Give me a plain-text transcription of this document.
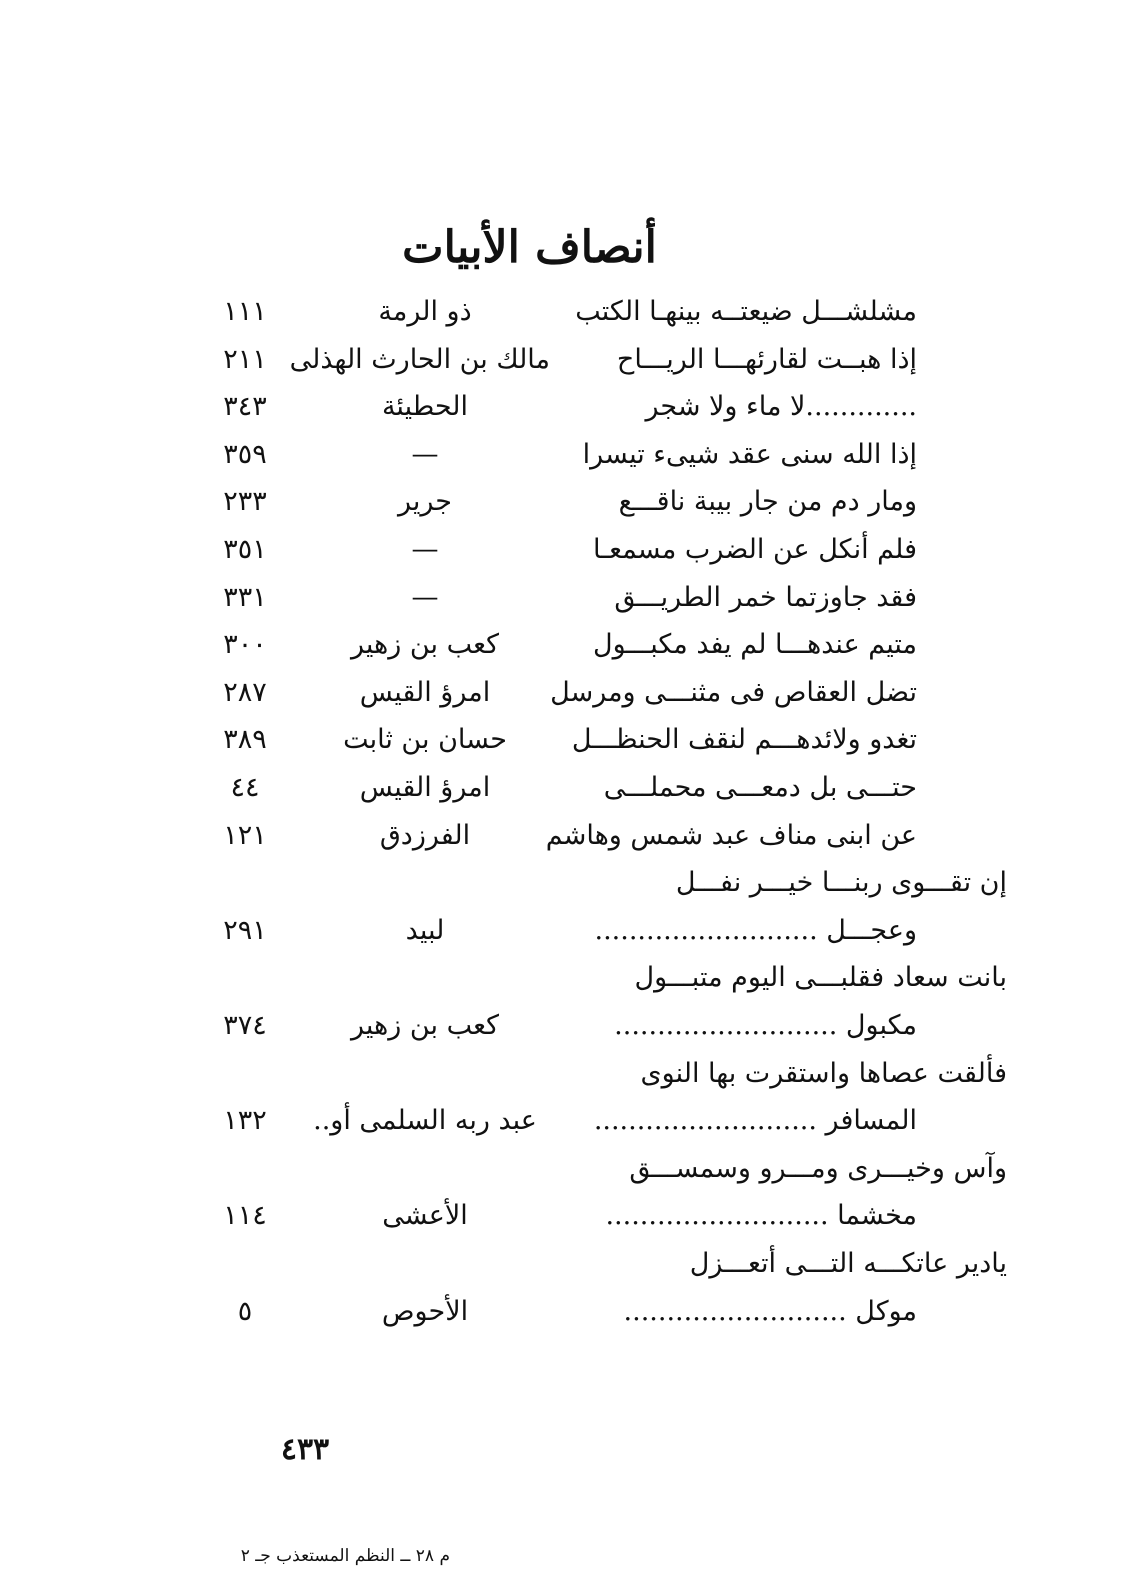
أنصاف الأبيات
مشلشـــل ضيعتــه بينهـا الكتب
ذو الرمة
١١١
إذا هبــت لقارئهـــا الريـــاح
مالك بن الحارث الهذلى
٢١١
.............لا ماء ولا شجر
الحطيئة
٣٤٣
إذا الله سنى عقد شيىء تيسرا
—
٣٥٩
ومار دم من جار بيبة ناقـــع
جرير
٢٣٣
فلم أنكل عن الضرب مسمعـا
—
٣٥١
فقد جاوزتما خمر الطريـــق
—
٣٣١
متيم عندهـــا لم يفد مكبـــول
كعب بن زهير
٣٠٠
تضل العقاص فى مثنـــى ومرسل
امرؤ القيس
٢٨٧
تغدو ولائدهـــم لنقف الحنظـــل
حسان بن ثابت
٣٨٩
حتـــى بل دمعـــى محملـــى
امرؤ القيس
٤٤
عن ابنى مناف عبد شمس وهاشم
الفرزدق
١٢١
إن تقـــوى ربنـــا خيـــر نفـــل
وعجـــل ..........................
لبيد
٢٩١
بانت سعاد فقلبـــى اليوم متبـــول
مكبول ..........................
كعب بن زهير
٣٧٤
فألقت عصاها واستقرت بها النوى
المسافر ..........................
عبد ربه السلمى أو..
١٣٢
وآس وخيـــرى ومـــرو وسمســـق
مخشما ..........................
الأعشى
١١٤
يادير عاتكـــه التـــى أتعـــزل
موكل ..........................
الأحوص
٥
٤٣٣
م ٢٨ ــ النظم المستعذب جـ ٢
